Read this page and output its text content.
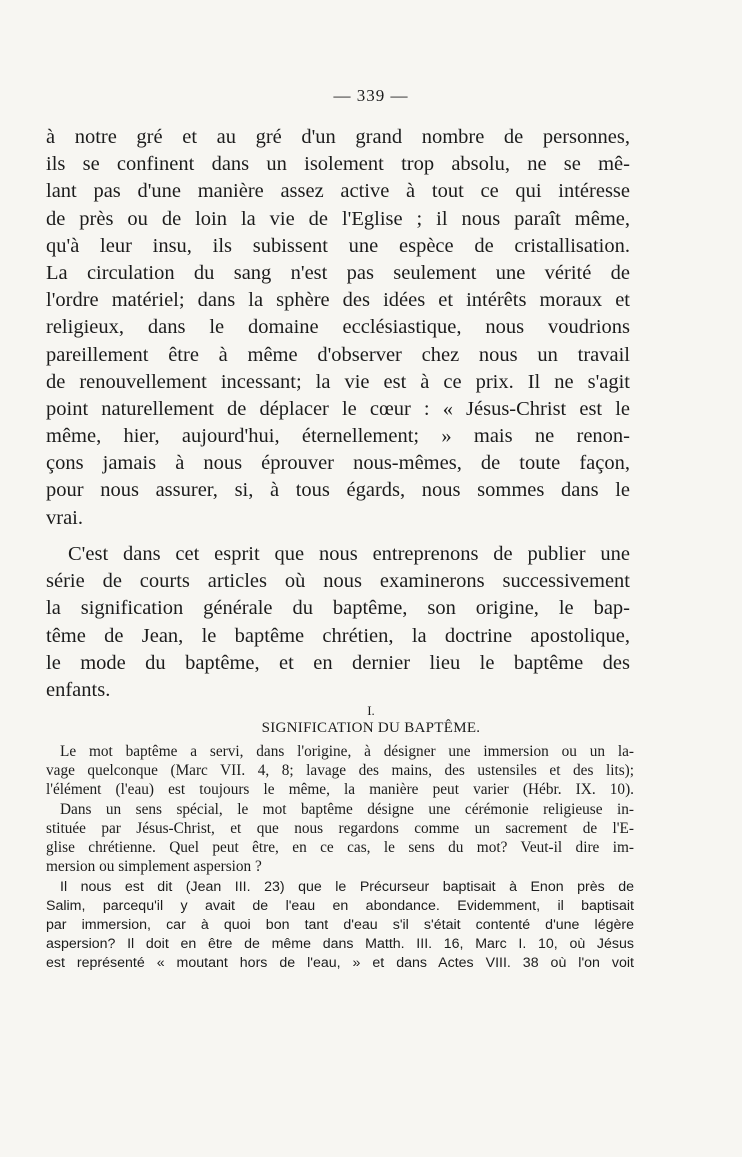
— 339 —
à notre gré et au gré d'un grand nombre de personnes,
ils se confinent dans un isolement trop absolu, ne se mê-
lant pas d'une manière assez active à tout ce qui intéresse
de près ou de loin la vie de l'Eglise ; il nous paraît même,
qu'à leur insu, ils subissent une espèce de cristallisation.
La circulation du sang n'est pas seulement une vérité de
l'ordre matériel; dans la sphère des idées et intérêts moraux et
religieux, dans le domaine ecclésiastique, nous voudrions
pareillement être à même d'observer chez nous un travail
de renouvellement incessant; la vie est à ce prix. Il ne s'agit
point naturellement de déplacer le cœur : « Jésus-Christ est le
même, hier, aujourd'hui, éternellement; » mais ne renon-
çons jamais à nous éprouver nous-mêmes, de toute façon,
pour nous assurer, si, à tous égards, nous sommes dans le
vrai.
C'est dans cet esprit que nous entreprenons de publier une
série de courts articles où nous examinerons successivement
la signification générale du baptême, son origine, le bap-
tême de Jean, le baptême chrétien, la doctrine apostolique,
le mode du baptême, et en dernier lieu le baptême des
enfants.
I.
SIGNIFICATION DU BAPTÊME.
Le mot baptême a servi, dans l'origine, à désigner une immersion ou un la-
vage quelconque (Marc VII. 4, 8; lavage des mains, des ustensiles et des lits);
l'élément (l'eau) est toujours le même, la manière peut varier (Hébr. IX. 10).
Dans un sens spécial, le mot baptême désigne une cérémonie religieuse in-
stituée par Jésus-Christ, et que nous regardons comme un sacrement de l'E-
glise chrétienne. Quel peut être, en ce cas, le sens du mot? Veut-il dire im-
mersion ou simplement aspersion ?
Il nous est dit (Jean III. 23) que le Précurseur baptisait à Enon près de
Salim, parcequ'il y avait de l'eau en abondance. Evidemment, il baptisait
par immersion, car à quoi bon tant d'eau s'il s'était contenté d'une légère
aspersion? Il doit en être de même dans Matth. III. 16, Marc I. 10, où Jésus
est représenté « moutant hors de l'eau, » et dans Actes VIII. 38 où l'on voit
